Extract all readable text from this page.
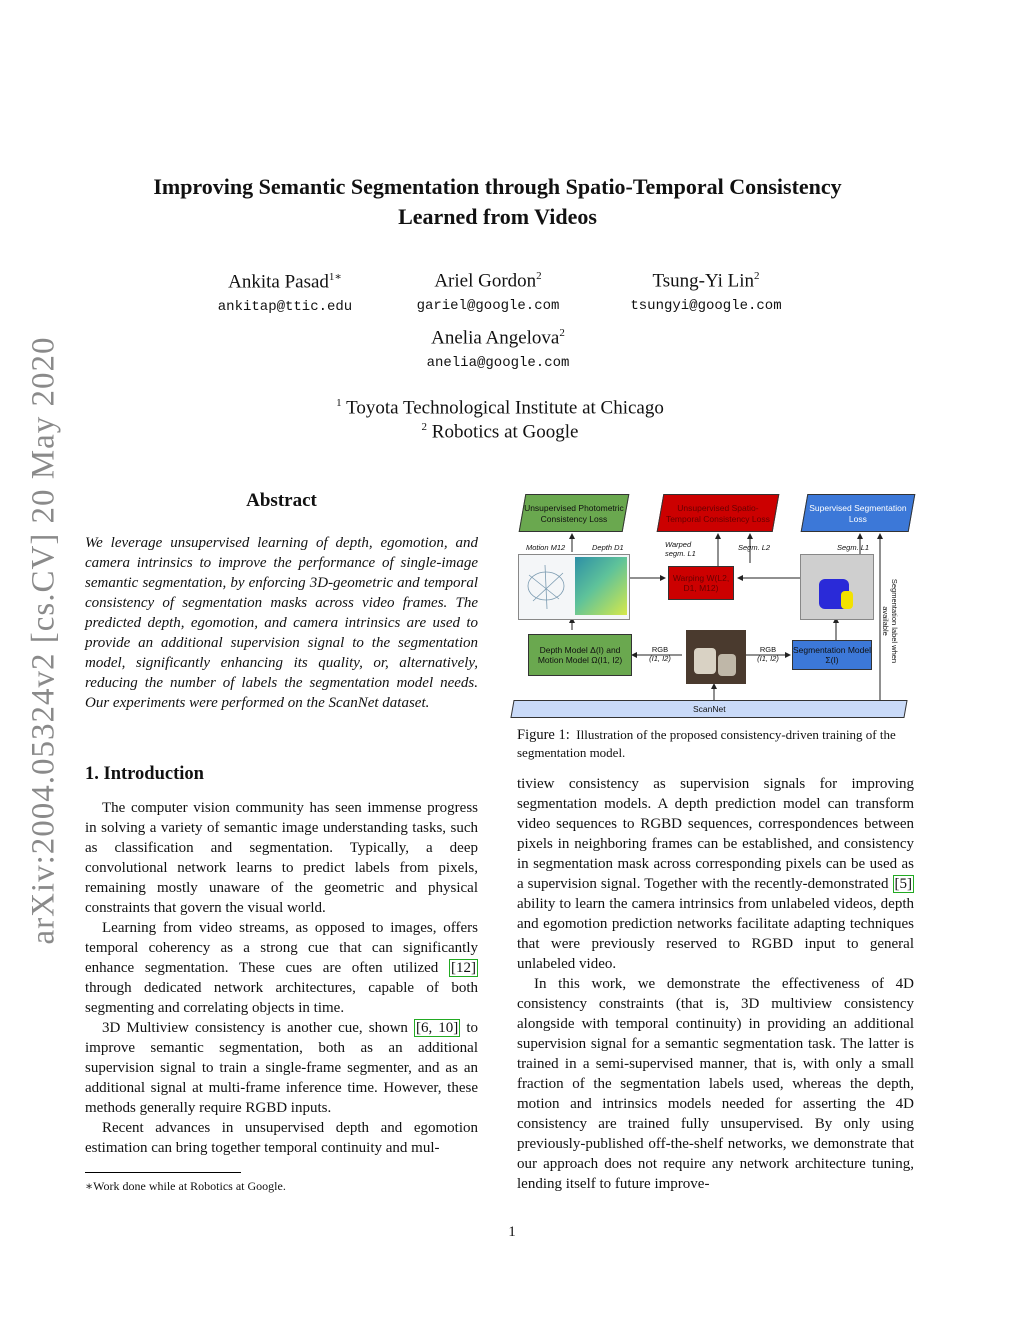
arXiv:2004.05324v2 [cs.CV] 20 May 2020
Improving Semantic Segmentation through Spatio-Temporal Consistency
Learned from Videos
Ankita Pasad$^{1∗}$
ankitap@ttic.edu
Ariel Gordon$^2$
gariel@google.com
Tsung-Yi Lin$^2$
tsungyi@google.com
Anelia Angelova$^2$
anelia@google.com
$^1$ Toyota Technological Institute at Chicago
$^2$ Robotics at Google
Abstract
We leverage unsupervised learning of depth, egomotion, and camera intrinsics to improve the performance of single-image semantic segmentation, by enforcing 3D-geometric and temporal consistency of segmentation masks across video frames. The predicted depth, egomotion, and camera intrinsics are used to provide an additional supervision signal to the segmentation model, significantly enhancing its quality, or, alternatively, reducing the number of labels the segmentation model needs. Our experiments were performed on the ScanNet dataset.
1. Introduction

The computer vision community has seen immense progress in solving a variety of semantic image understanding tasks, such as classification and segmentation. Typically, a deep convolutional network learns to predict labels from pixels, remaining mostly unaware of the geometric and physical constraints that govern the visual world.

Learning from video streams, as opposed to images, offers temporal coherency as a strong cue that can significantly enhance segmentation. These cues are often utilized [12] through dedicated network architectures, capable of both segmenting and correlating objects in time.

3D Multiview consistency is another cue, shown [6, 10] to improve semantic segmentation, both as an additional supervision signal to train a single-frame segmenter, and as an additional signal at multi-frame inference time. However, these methods generally require RGBD inputs.

Recent advances in unsupervised depth and egomotion estimation can bring together temporal continuity and mul-

∗Work done while at Robotics at Google.
Unsupervised Photometric Consistency Loss
Unsupervised Spatio-Temporal Consistency Loss
Supervised Segmentation Loss
Motion M12	Depth D1	Warped segm. L1
Segm. L2	Segm. L1
Warping W(L2, D1, M12)
Depth Model Δ(I) and Motion Model Ω(I1, I2)
RGB
(I1, I2)
RGB
(I1, I2)
Segmentation Model Σ(I)	Segmentation label when available
ScanNet
Figure 1: Illustration of the proposed consistency-driven training of the segmentation model.

tiview consistency as supervision signals for improving segmentation models. A depth prediction model can transform video sequences to RGBD sequences, correspondences between pixels in neighboring frames can be established, and consistency in segmentation mask across corresponding pixels can be used as a supervision signal. Together with the recently-demonstrated [5] ability to learn the camera intrinsics from unlabeled videos, depth and egomotion prediction networks facilitate adapting techniques that were previously reserved to RGBD input to general unlabeled video.

In this work, we demonstrate the effectiveness of 4D consistency constraints (that is, 3D multiview consistency alongside with temporal continuity) in providing an additional supervision signal for a semantic segmentation task. The latter is trained in a semi-supervised manner, that is, with only a small fraction of the segmentation labels used, whereas the depth, motion and intrinsics models needed for asserting the 4D consistency are trained fully unsupervised. By only using previously-published off-the-shelf networks, we demonstrate that our approach does not require any network architecture tuning, lending itself to future improve-

1
